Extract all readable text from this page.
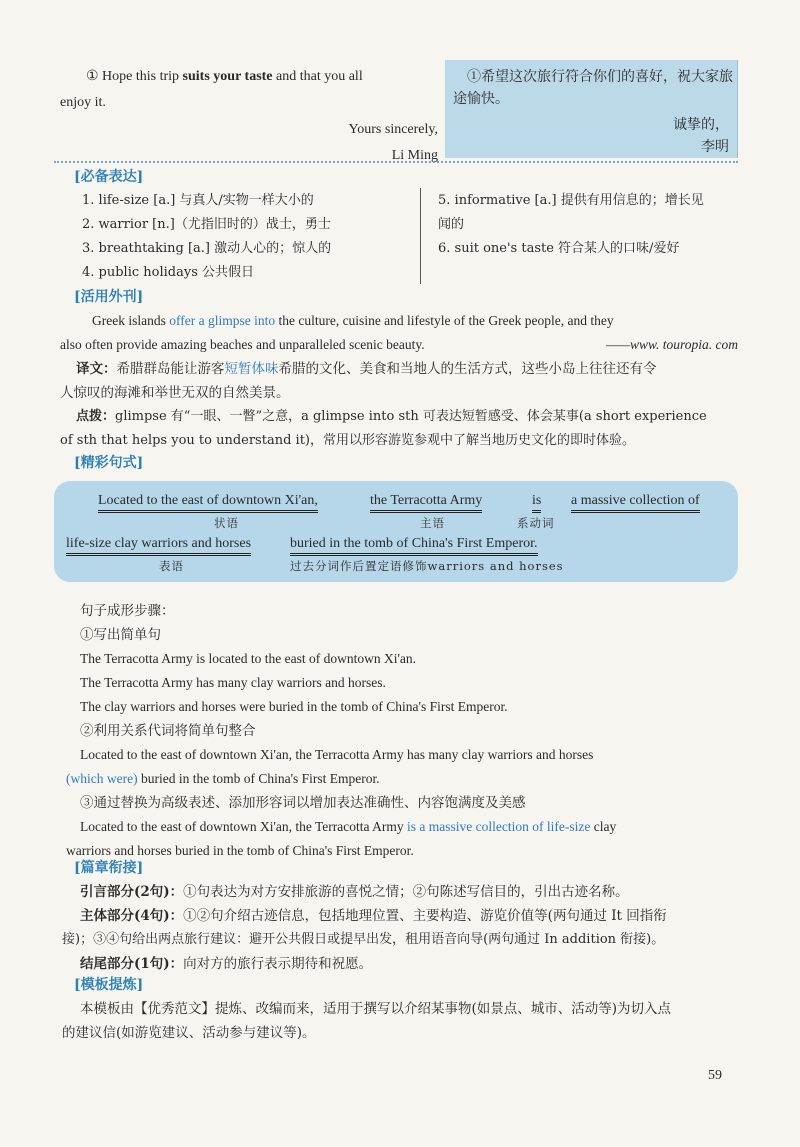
① Hope this trip suits your taste and that you all
enjoy it.
Yours sincerely,
Li Ming
①希望这次旅行符合你们的喜好，祝大家旅途愉快。
诚挚的，
李明
[必备表达]
1. life-size [a.] 与真人/实物一样大小的
2. warrior [n.]（尤指旧时的）战士，勇士
3. breathtaking [a.] 激动人心的；惊人的
4. public holidays 公共假日
5. informative [a.] 提供有用信息的；增长见
闻的
6. suit one's taste 符合某人的口味/爱好
[活用外刊]
Greek islands offer a glimpse into the culture, cuisine and lifestyle of the Greek people, and they
also often provide amazing beaches and unparalleled scenic beauty.	——www. touropia. com
译文：希腊群岛能让游客短暂体味希腊的文化、美食和当地人的生活方式，这些小岛上往往还有令
人惊叹的海滩和举世无双的自然美景。
点拨：glimpse 有“一眼、一瞥”之意，a glimpse into sth 可表达短暂感受、体会某事(a short experience
of sth that helps you to understand it)，常用以形容游览参观中了解当地历史文化的即时体验。
[精彩句式]
Located to the east of downtown Xi'an,
状语
the Terracotta Army
主语
is
系动词
a massive collection of
life-size clay warriors and horses
表语
buried in the tomb of China's First Emperor.
过去分词作后置定语修饰warriors and horses
句子成形步骤：
①写出简单句
The Terracotta Army is located to the east of downtown Xi'an.
The Terracotta Army has many clay warriors and horses.
The clay warriors and horses were buried in the tomb of China's First Emperor.
②利用关系代词将简单句整合
Located to the east of downtown Xi'an, the Terracotta Army has many clay warriors and horses
(which were) buried in the tomb of China's First Emperor.
③通过替换为高级表述、添加形容词以增加表达准确性、内容饱满度及美感
Located to the east of downtown Xi'an, the Terracotta Army is a massive collection of life-size clay
warriors and horses buried in the tomb of China's First Emperor.
[篇章衔接]
引言部分(2句)：①句表达为对方安排旅游的喜悦之情；②句陈述写信目的，引出古迹名称。
主体部分(4句)：①②句介绍古迹信息，包括地理位置、主要构造、游览价值等(两句通过 It 回指衔
接)；③④句给出两点旅行建议：避开公共假日或提早出发，租用语音向导(两句通过 In addition 衔接)。
结尾部分(1句)：向对方的旅行表示期待和祝愿。
[模板提炼]
本模板由【优秀范文】提炼、改编而来，适用于撰写以介绍某事物(如景点、城市、活动等)为切入点
的建议信(如游览建议、活动参与建议等)。
59
